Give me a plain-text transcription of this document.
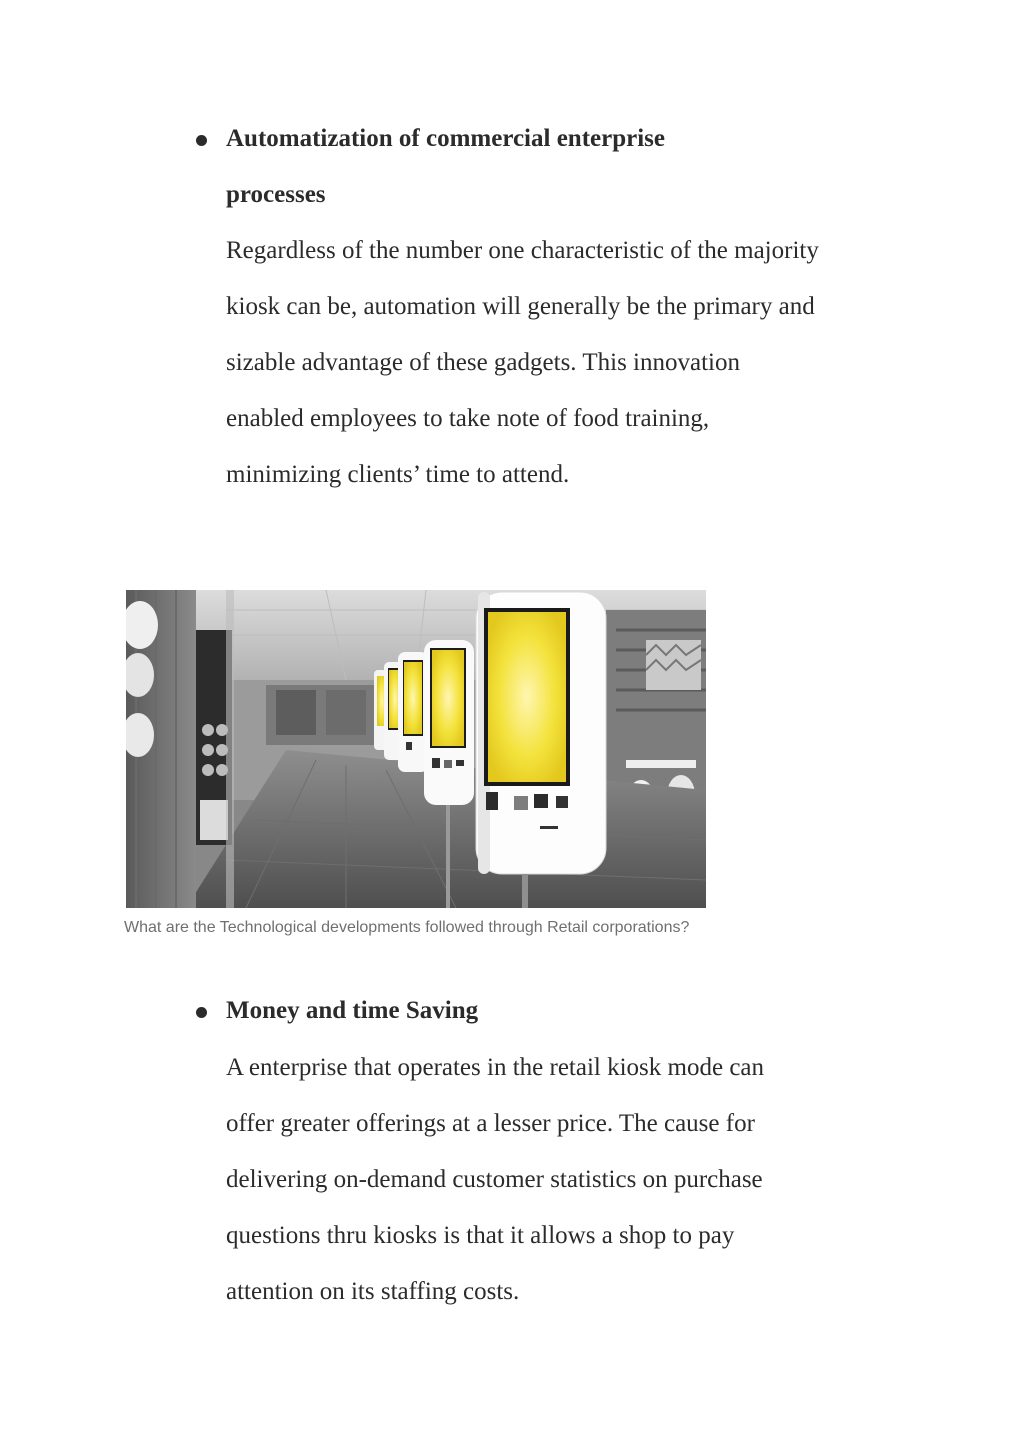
Automatization of commercial enterprise
processes

Regardless of the number one characteristic of the majority
kiosk can be, automation will generally be the primary and
sizable advantage of these gadgets. This innovation
enabled employees to take note of food training,
minimizing clients’ time to attend.

What are the Technological developments followed through Retail corporations?
Money and time Saving

A enterprise that operates in the retail kiosk mode can
offer greater offerings at a lesser price. The cause for
delivering on-demand customer statistics on purchase
questions thru kiosks is that it allows a shop to pay
attention on its staffing costs.
